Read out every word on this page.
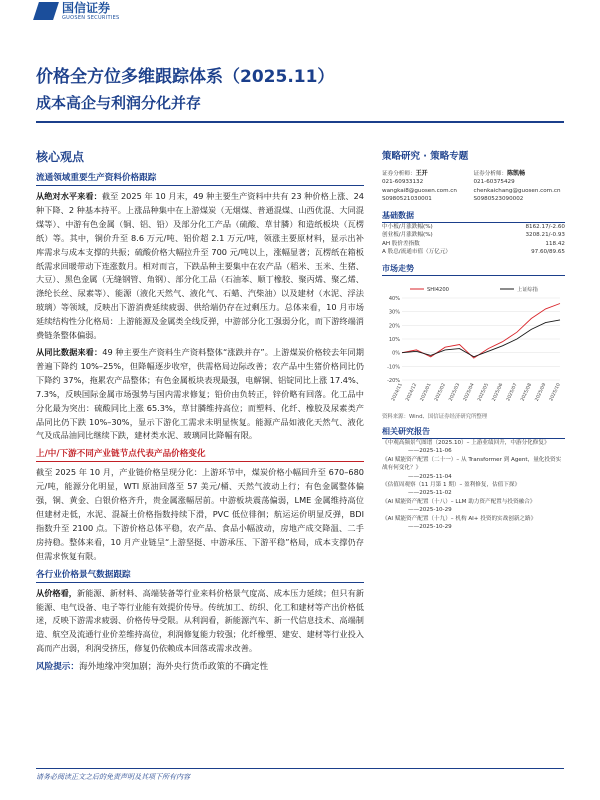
国信证券
GUOSEN SECURITIES
价格全方位多维跟踪体系（2025.11）
成本高企与利润分化并存
核心观点
流通领域重要生产资料价格跟踪

从绝对水平来看：截至 2025 年 10 月末，49 种主要生产资料中共有 23 种价格上涨、24 种下降、2 种基本持平。上涨品种集中在上游煤炭（无烟煤、普通混煤、山西优混、大同混煤等）、中游有色金属（铜、铝、铅）及部分化工产品（硫酸、草甘膦）和造纸板块（瓦楞纸）等。其中，铜价升至 8.6 万元/吨、铝价超 2.1 万元/吨，领涨主要原材料，显示出补库需求与成本支撑的共振；硫酸价格大幅拉升至 700 元/吨以上，涨幅显著；瓦楞纸在箱板纸需求回暖带动下连涨数月。相对而言，下跌品种主要集中在农产品（稻米、玉米、生猪、大豆）、黑色金属（无缝钢管、角钢）、部分化工品（石油苯、顺丁橡胶、聚丙烯、聚乙烯、涤纶长丝、尿素等）、能源（液化天然气、液化气、石蜡、汽柴油）以及建材（水泥、浮法玻璃）等领域，反映出下游消费延续疲弱、供给端仍存在过剩压力。总体来看，10 月市场延续结构性分化格局：上游能源及金属类全线反弹，中游部分化工强弱分化，而下游终端消费链条整体偏弱。

从同比数据来看：49 种主要生产资料生产资料整体“涨跌并存”。上游煤炭价格较去年同期普遍下降约 10%–25%，但降幅逐步收窄，供需格局边际改善；农产品中生猪价格同比仍下降约 37%，拖累农产品整体；有色金属板块表现最强，电解铜、铝锭同比上涨 17.4%、7.3%，反映国际金属市场强势与国内需求修复；铅价由负转正，锌价略有回落。化工品中分化最为突出：硫酸同比上涨 65.3%，草甘膦维持高位；而塑料、化纤、橡胶及尿素类产品同比仍下跌 10%–30%，显示下游化工需求未明显恢复。能源产品如液化天然气、液化气及成品油同比继续下跌，建材类水泥、玻璃同比降幅有限。

上/中/下游不同产业链节点代表产品价格变化

截至 2025 年 10 月，产业链价格呈现分化：上游环节中，煤炭价格小幅回升至 670–680 元/吨，能源分化明显，WTI 原油回落至 57 美元/桶、天然气波动上行；有色金属整体偏强，铜、黄金、白银价格齐升，贵金属涨幅居前。中游板块震荡偏弱，LME 金属维持高位但建材走低，水泥、混凝土价格指数持续下滑，PVC 低位徘徊；航运运价明显反弹，BDI 指数升至 2100 点。下游价格总体平稳，农产品、食品小幅波动，房地产成交降温、二手房持稳。整体来看，10 月产业链呈“上游坚挺、中游承压、下游平稳”格局，成本支撑仍存但需求恢复有限。

各行业价格景气数据跟踪

从价格看，新能源、新材料、高端装备等行业来料价格景气度高、成本压力延续；但只有新能源、电气设备、电子等行业能有效提价传导。传统加工、纺织、化工和建材等产出价格低迷，反映下游需求疲弱、价格传导受限。从利润看，新能源汽车、新一代信息技术、高端制造、航空及流通行业价差维持高位，利润修复能力较强；化纤橡塑、建安、建材等行业投入高而产出弱，利润受挤压，修复仍依赖成本回落或需求改善。

风险提示：海外地缘冲突加剧；海外央行货币政策的不确定性
策略研究 · 策略专题
证券分析师：王开
021-60933132
wangkai8@guosen.com.cn
S0980521030001
证券分析师：陈凯畅
021-60375429
chenkaichang@guosen.com.cn
S0980523090002
基础数据
中小板/月涨跌幅(%)	8162.17/-2.60
创业板/月涨跌幅(%)	3208.21/-0.93
AH 股价差指数	118.42
A 股总/流通市值（万亿元）	97.60/89.65
市场走势
-20%
-10%
0%
10%
20%
30%
40%
2024/11 2024/12 2025/01 2025/02 2025/03 2025/04 2025/05 2025/06 2025/07 2025/08 2025/09 2025/10
SHI4200	上证综指
资料来源：Wind、国信证券经济研究所整理
相关研究报告
《中观高频景气图谱（2025.10）– 上游业绩回升，中游分化修复》
——2025-11-06
《AI 赋能资产配置（二十一）– 从 Transformer 到 Agent，量化投资实战有何变化？》
——2025-11-04
《估值周观察（11 月第 1 期）– 盈利修复，估值下探》
——2025-11-02
《AI 赋能资产配置（十八）– LLM 助力资产配置与投资融合》
——2025-10-29
《AI 赋能资产配置（十九）– 机构 AI+ 投资的实战创新之路》
——2025-10-29
请务必阅读正文之后的免责声明及其项下所有内容
